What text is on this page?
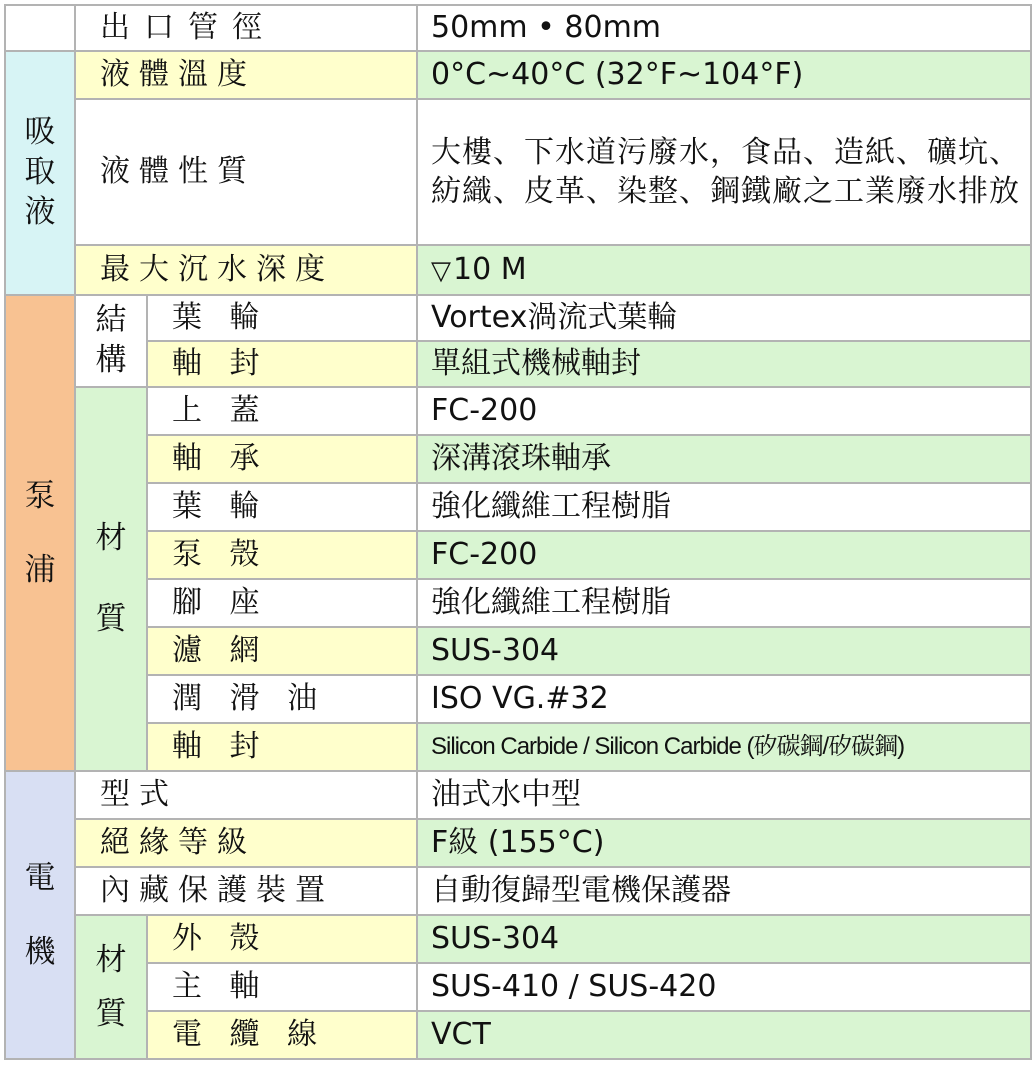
	出口管徑		50mm • 80mm

吸取液	液體溫度		0°C~40°C (32°F~104°F)
	液體性質		大樓、下水道污廢水，食品、造紙、礦坑、紡織、皮革、染整、鋼鐵廠之工業廢水排放
	最大沉水深度		▽10 M

泵浦	結構	葉 輪	Vortex渦流式葉輪
		軸 封	單組式機械軸封

	材質	上 蓋	FC-200
		軸 承	深溝滾珠軸承
		葉 輪	強化纖維工程樹脂
		泵 殼	FC-200
		腳 座	強化纖維工程樹脂
		濾 網	SUS-304
		潤 滑 油	ISO VG.#32
		軸 封	Silicon Carbide / Silicon Carbide (矽碳鋼/矽碳鋼)

電機	型式		油式水中型
	絕緣等級		F級 (155°C)
	內藏保護裝置		自動復歸型電機保護器

	材質	外 殼	SUS-304
		主 軸	SUS-410 / SUS-420
		電 纜 線	VCT
